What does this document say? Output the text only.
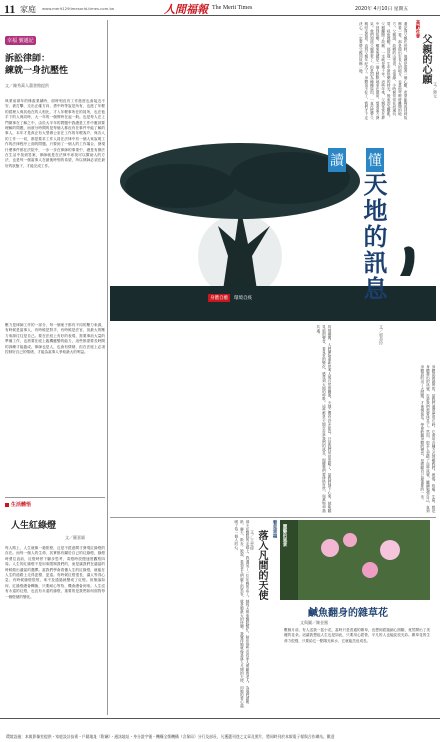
11 家庭 www.merit129limesorld-times.com.tw	人間福報 The Merit Times	2020年 4月10日 星期五
幸福 號邁記
訴訟律師：
練就一身抗壓性
文／陳秀萬人蕭書館提供
執業前兩年的慘澹業績時，面時刻沒有工作進度也會接近不安，被打擊，走出正確方向，勇中時等說是所有，也進了年輕的經理人與其他在的人相比，才入年輕事所在的員所，也在他手下的人與同時，大一年的一個實時在起一般。也是每人在上門辦事在了解之中，由於大半年的問題中我總是工作中應該要理解的問題，而被分時間的是每個人都沒有在事件中能了解的事人，本年才是真正有大型辦公室在工作的年輕客戶，與各人的工作一一切，都是要求工作人員在法律中有一個人來說明工作的法律程序上面的問題。只要到了一個人的工作場合，發現什麼事件都在法院中，一步一步在律師的事業中，總是有辦法在生活中找到答案，律師就是在法律中尋找可以幫助人的方法，也是每一個當事人在最後時刻的希望，所以律師必須在最好的狀態下，才能完成工作。
壓力是律師工作的一部分，每一個案子都有不同的壓力來源，有時候是當事人，有時候是對手，有時候是法官，但最大的壓力來源往往是自己。要在法庭上有好的表現，需要事前大量的準備工作，也需要在庭上臨機應變的能力，這些都需要長時間的訓練才能養成。律師也是人，也會有情緒，但在法庭上必須控制好自己的情緒，才能為當事人爭取最大的利益。
生活體悟
人生紅綠燈
文／羅嘉穎
每人路上，人生就像一趟旅程，且是不經意間才發現紅綠燈的存在。而每一個人的生命，其實都有屬於自己的紅綠燈，綠燈時勇往直前，紅燈時停下腳步思考，黃燈時放慢速度觀察四周。人生的紅綠燈不是用來限制我們的，而是讓我們在適當的時候做出適當的選擇。當我們學會看懂人生的紅綠燈，就能在人生的道路上走得更穩、更遠。有時候紅燈很長，讓人等得心急；有時候綠燈很短，來不及通過就變成了紅燈。但無論如何，紅綠燈總會轉換，只要耐心等待，機會總會到來。人生沒有永遠的紅燈，也沒有永遠的綠燈，重要的是我們如何面對每一個燈號的變化。
高齡社會
父親的心願
文／蔣元
還記得父親在世時，他總是說著一個心願，希望能夠再回到故鄉看一看。那是他出生長大的地方，也是他年輕時離開的地方。父親說，故鄉的山很青，水很綠，小時候常常在河邊玩耍，抓魚摸蝦，那是他一生中最快樂的時光。後來因為戰亂，父親離開了故鄉，一走就是幾十年。這些年來，父親常常在夢中回到故鄉，醒來後總是一個人默默地坐在窗前，望著遠方發呆。我們知道父親想家了，但是因為種種原因，一直沒能帶父親回去看看。直到父親年紀大了，身體也不好了，我們才下定決心，一定要帶父親回故鄉一趟。
讀 懂
天地的訊息
身體自癒	環境自疫
要用綠顏的行動回應時代，首先就要讀懂天地的訊息，以免自以為是，一錯再錯。
疫情期間，人們開始重新思考人與自然的關係。天地之間有許多訊息，只是我們常常忽略了。當我們靜下心來，就能聽見風的聲音，看見雲的變化，感受到大地的呼吸。這些都是天地在告訴我們的訊息，提醒我們要珍惜自然，與萬物和諧共處。	文／郭美玲
身體是最誠實的，當我們過度使用它時，它會用各種方式提醒我們。疲倦、疼痛、生病，都是身體發出的訊號，告訴我們需要休息了。然而，很多人忽略了這些訊號，繼續勉強自己，直到身體真的出了大問題，才後悔莫及。學會聆聽身體的聲音，是照顧自己最重要的一步。
看見幸福
落入凡間的天使
文／王晉偉
那天在醫院的走廊上，我遇見了一位年輕的志工。她每天都來醫院幫忙，陪伴那些沒有家人照顧的老人，為他們讀報紙、聊天、散步。她說，看到老人們臉上的笑容，就是她最大的快樂。我覺得她就像是落入凡間的天使，用她的愛心溫暖了每一個人的心。	園藝的風景
鹹魚翻身的雜草花
文與圖／陳金鳳
數個月前，有人送我一盆小花，當時只是普通的雜草，沒想到經過細心照顧，竟然開出了美麗的花朵。這讓我想起人生也是如此，只要用心經營，平凡的人也能綻放光彩。雜草花的生命力很強，只要給它一點陽光和水，它就能茁壯成長。
環境設施：本報影像室提供・家庭設計技術・戶籍地址（附屬）・通訊地址・身分證字號・機構全銜機構（含保局）分行及部長，凡獲選刊登之文章及照片，將同時刊於本報電子報與合作網站。歡迎
